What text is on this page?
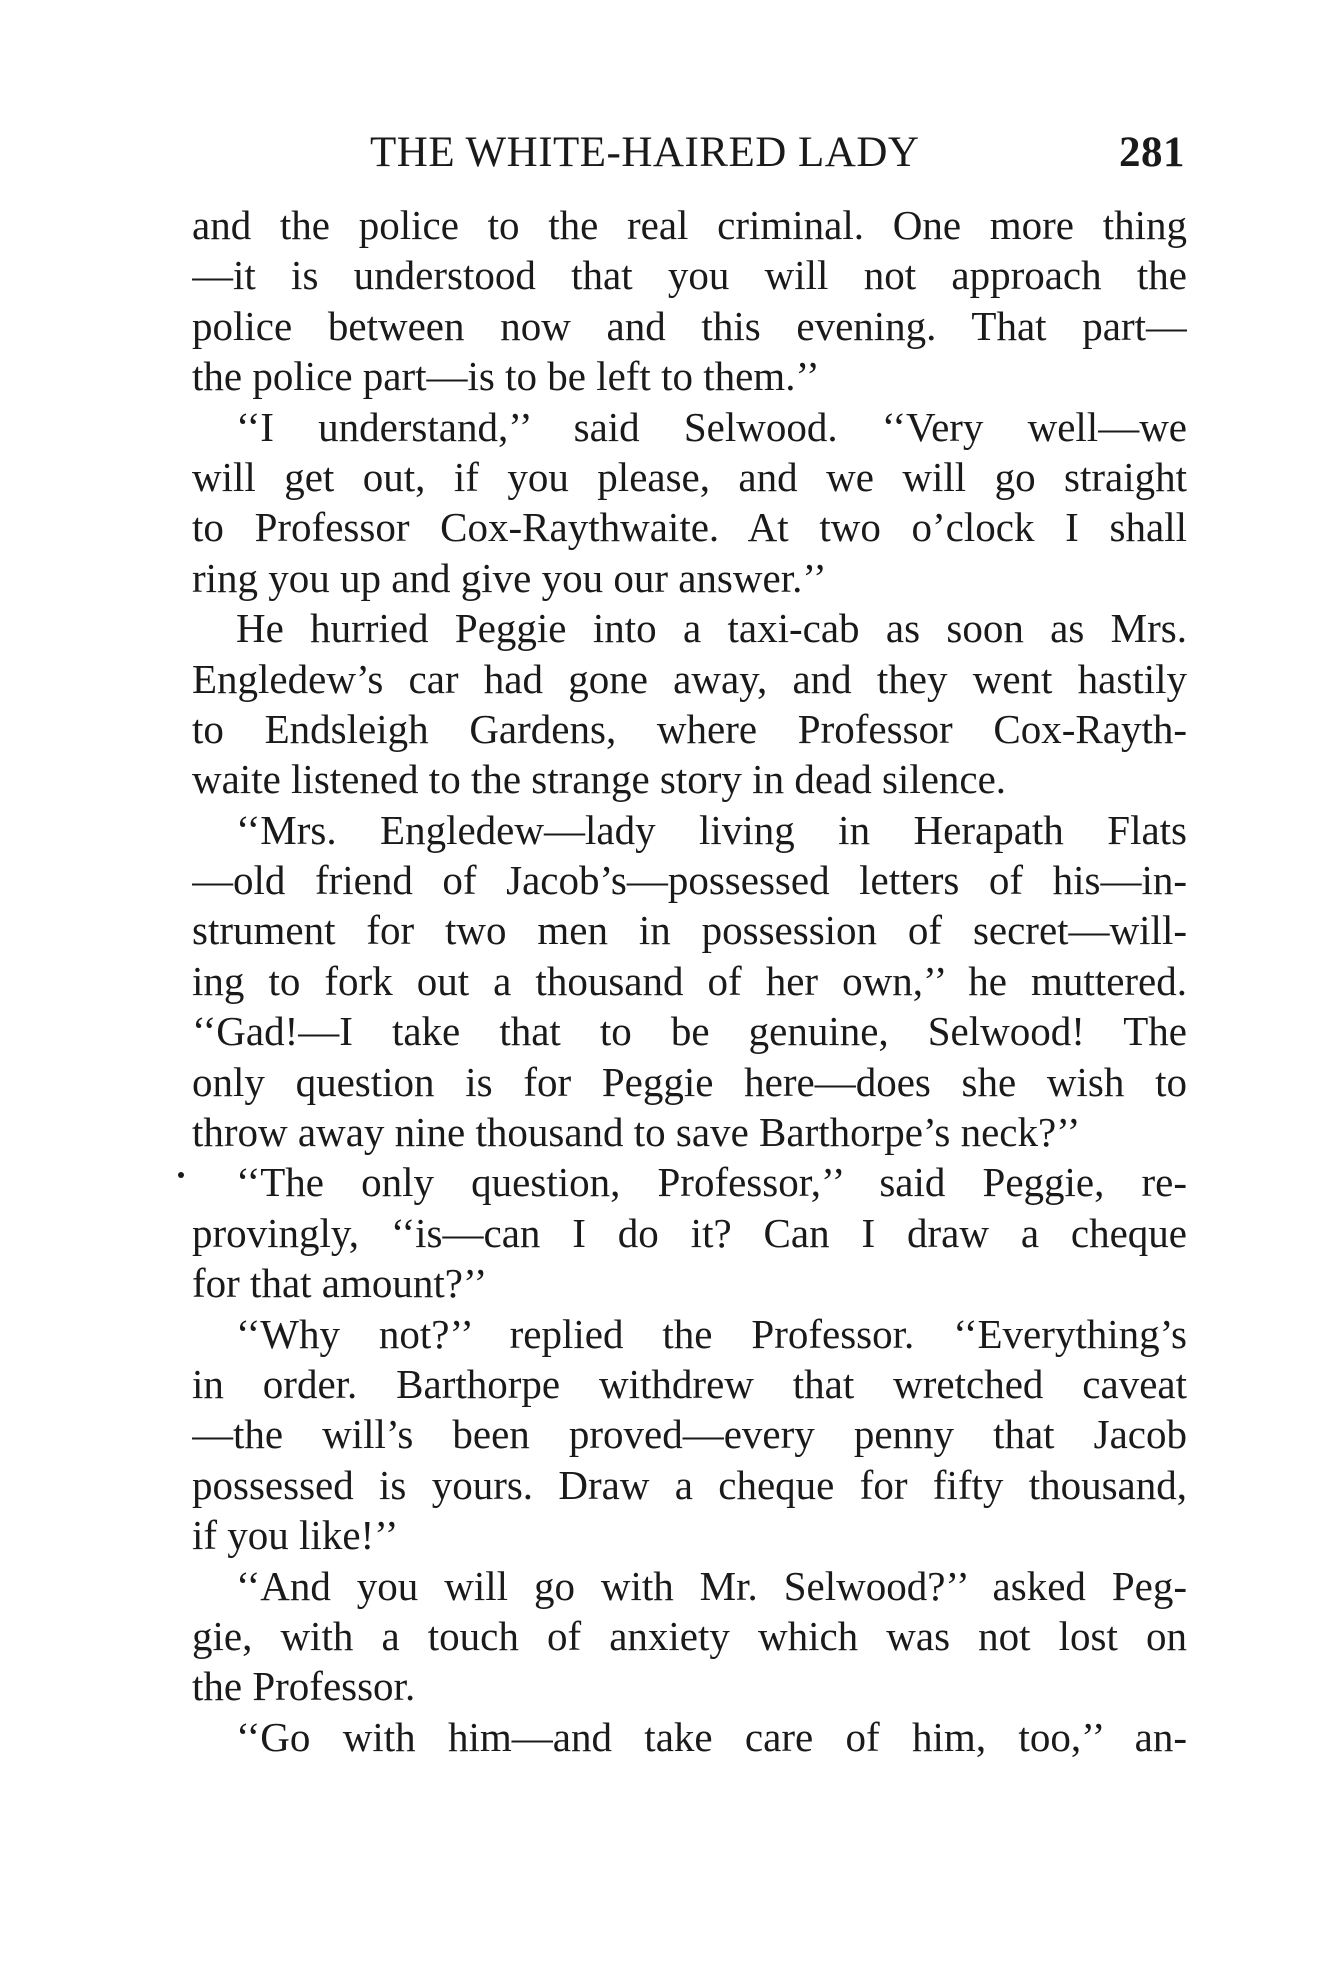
THE WHITE-HAIRED LADY	281
and the police to the real criminal. One more thing
—it is understood that you will not approach the
police between now and this evening. That part—
the police part—is to be left to them.’’
‘‘I understand,’’ said Selwood. ‘‘Very well—we
will get out, if you please, and we will go straight
to Professor Cox-Raythwaite. At two o’clock I shall
ring you up and give you our answer.’’
He hurried Peggie into a taxi-cab as soon as Mrs.
Engledew’s car had gone away, and they went hastily
to Endsleigh Gardens, where Professor Cox-Rayth-
waite listened to the strange story in dead silence.
‘‘Mrs. Engledew—lady living in Herapath Flats
—old friend of Jacob’s—possessed letters of his—in-
strument for two men in possession of secret—will-
ing to fork out a thousand of her own,’’ he muttered.
‘‘Gad!—I take that to be genuine, Selwood! The
only question is for Peggie here—does she wish to
throw away nine thousand to save Barthorpe’s neck?’’
‘‘The only question, Professor,’’ said Peggie, re-
provingly, ‘‘is—can I do it? Can I draw a cheque
for that amount?’’
‘‘Why not?’’ replied the Professor. ‘‘Everything’s
in order. Barthorpe withdrew that wretched caveat
—the will’s been proved—every penny that Jacob
possessed is yours. Draw a cheque for fifty thousand,
if you like!’’
‘‘And you will go with Mr. Selwood?’’ asked Peg-
gie, with a touch of anxiety which was not lost on
the Professor.
‘‘Go with him—and take care of him, too,’’ an-
